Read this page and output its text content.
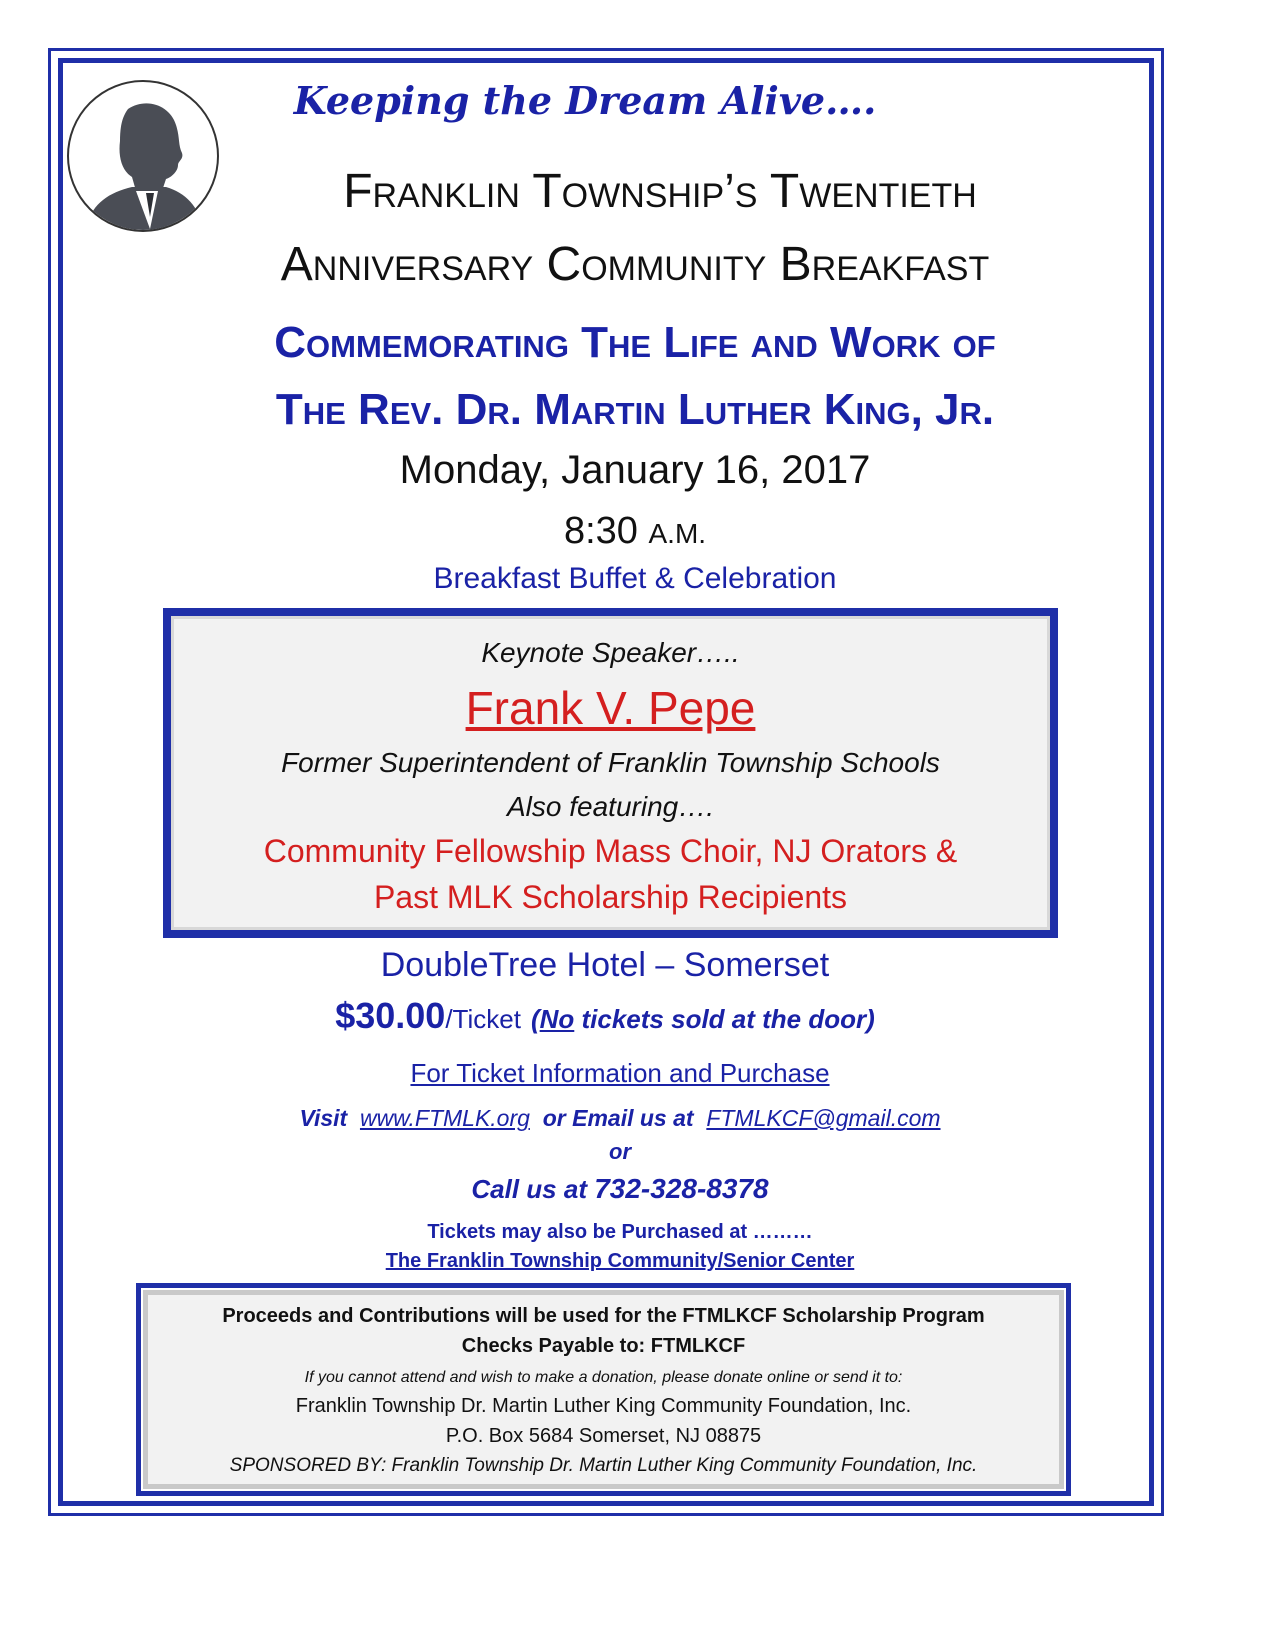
Keeping the Dream Alive….
Franklin Township’s Twentieth
Anniversary Community Breakfast
Commemorating The Life and Work of
The Rev. Dr. Martin Luther King, Jr.
Monday, January 16, 2017
8:30 A.M.
Breakfast Buffet & Celebration
Keynote Speaker…..
Frank V. Pepe
Former Superintendent of Franklin Township Schools
Also featuring….
Community Fellowship Mass Choir, NJ Orators &
Past MLK Scholarship Recipients
DoubleTree Hotel – Somerset
$30.00/Ticket (No tickets sold at the door)
For Ticket Information and Purchase
Visit www.FTMLK.org or Email us at FTMLKCF@gmail.com
or
Call us at 732-328-8378
Tickets may also be Purchased at ………
The Franklin Township Community/Senior Center
Proceeds and Contributions will be used for the FTMLKCF Scholarship Program
Checks Payable to: FTMLKCF
If you cannot attend and wish to make a donation, please donate online or send it to:
Franklin Township Dr. Martin Luther King Community Foundation, Inc.
P.O. Box 5684 Somerset, NJ 08875
SPONSORED BY: Franklin Township Dr. Martin Luther King Community Foundation, Inc.
